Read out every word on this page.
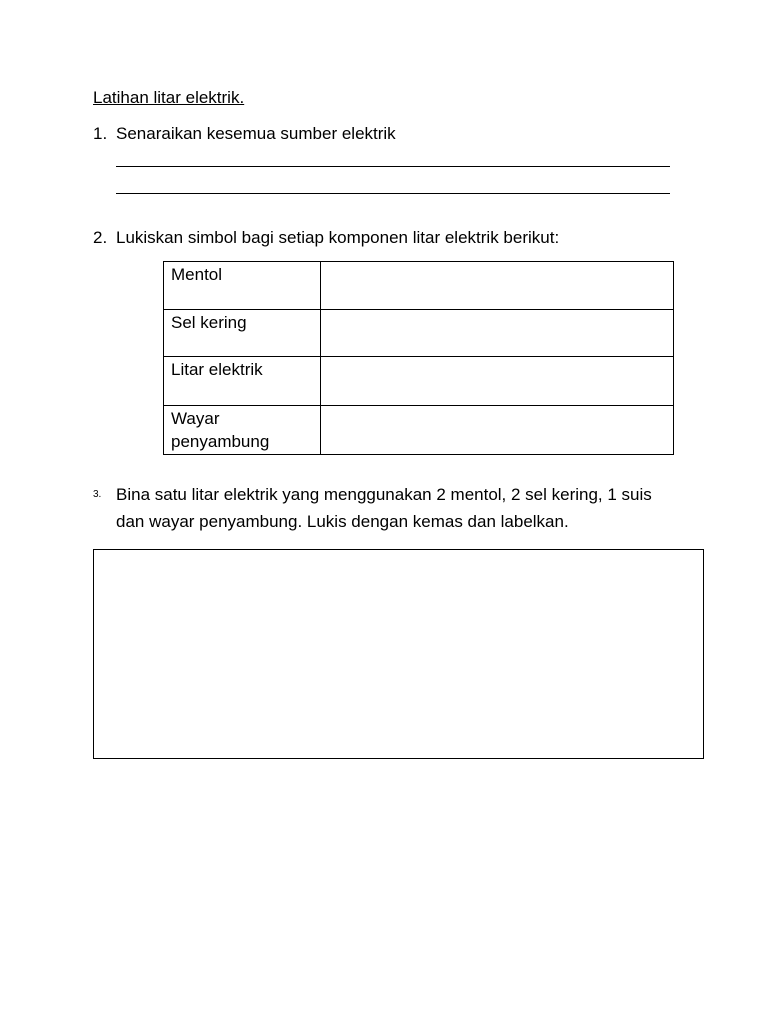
Latihan litar elektrik.
1. Senaraikan kesemua sumber elektrik
2. Lukiskan simbol bagi setiap komponen litar elektrik berikut:
Mentol	
Sel kering	
Litar elektrik	
Wayar penyambung	
3. Bina satu litar elektrik yang menggunakan 2 mentol, 2 sel kering, 1 suis dan wayar penyambung. Lukis dengan kemas dan labelkan.
